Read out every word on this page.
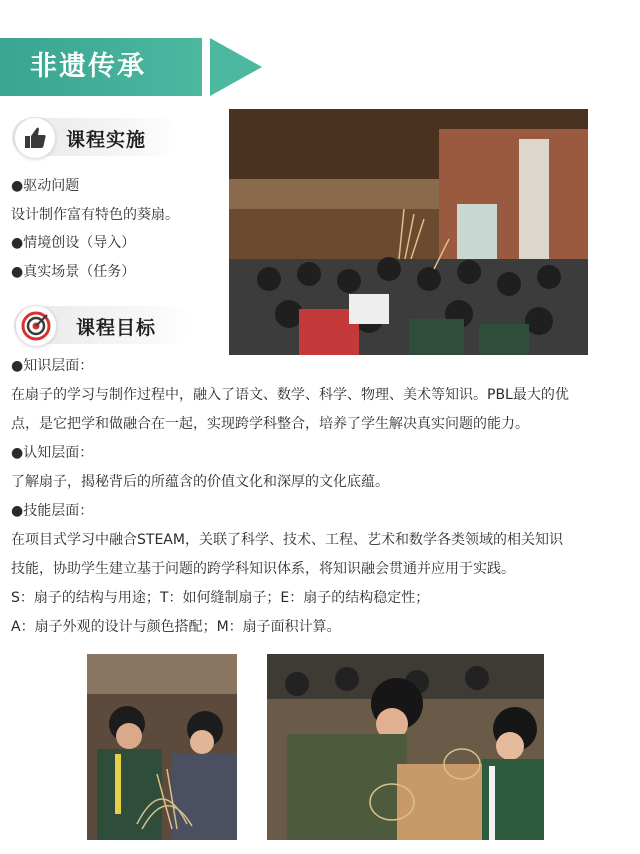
非遗传承
课程实施
●驱动问题
设计制作富有特色的葵扇。
●情境创设（导入）
●真实场景（任务）
课程目标
●知识层面：
在扇子的学习与制作过程中，融入了语文、数学、科学、物理、美术等知识。PBL最大的优
点，是它把学和做融合在一起，实现跨学科整合，培养了学生解决真实问题的能力。
●认知层面：
了解扇子，揭秘背后的所蕴含的价值文化和深厚的文化底蕴。
●技能层面：
在项目式学习中融合STEAM，关联了科学、技术、工程、艺术和数学各类领域的相关知识
技能，协助学生建立基于问题的跨学科知识体系，将知识融会贯通并应用于实践。
S：扇子的结构与用途；T：如何缝制扇子；E：扇子的结构稳定性；
A：扇子外观的设计与颜色搭配；M：扇子面积计算。
